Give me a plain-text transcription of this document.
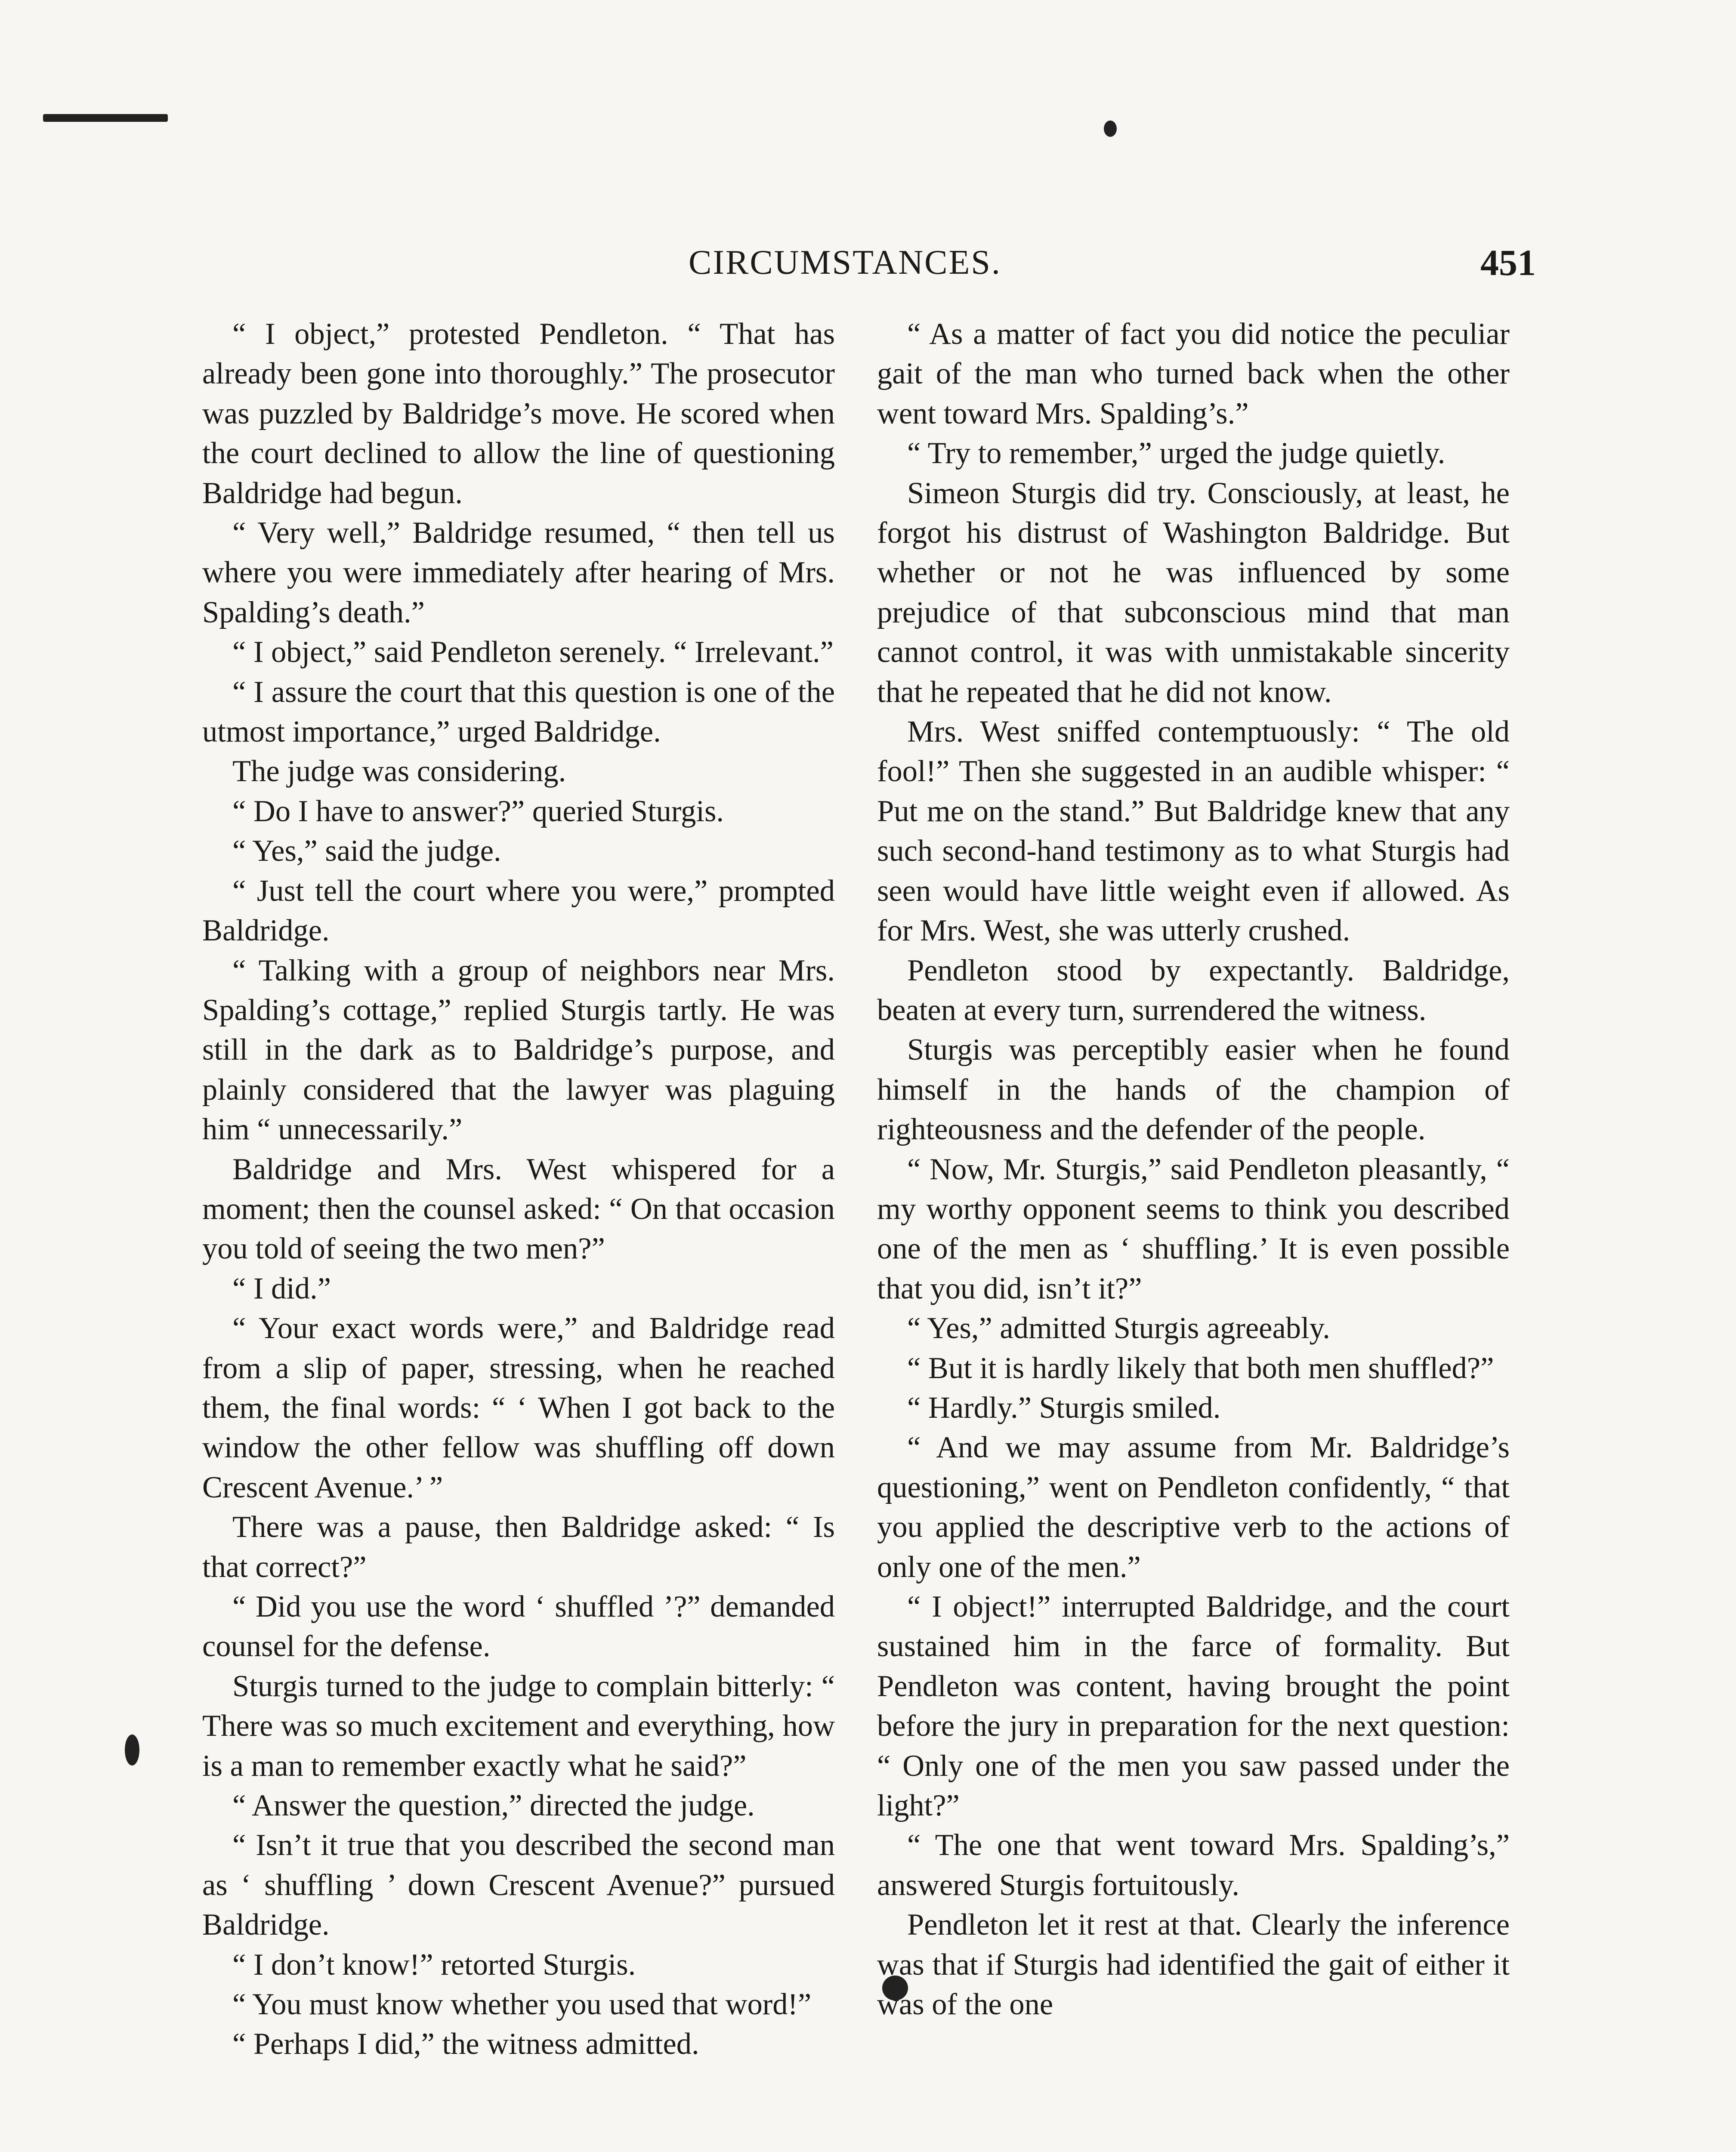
CIRCUMSTANCES.	451

“ I object,” protested Pendleton. “ That has already been gone into thoroughly.” The prosecutor was puzzled by Baldridge’s move. He scored when the court declined to allow the line of questioning Baldridge had begun.

“ Very well,” Baldridge resumed, “ then tell us where you were immediately after hearing of Mrs. Spalding’s death.”

“ I object,” said Pendleton serenely. “ Irrelevant.”

“ I assure the court that this question is one of the utmost importance,” urged Baldridge.

The judge was considering.

“ Do I have to answer?” queried Sturgis.

“ Yes,” said the judge.

“ Just tell the court where you were,” prompted Baldridge.

“ Talking with a group of neighbors near Mrs. Spalding’s cottage,” replied Sturgis tartly. He was still in the dark as to Baldridge’s purpose, and plainly considered that the lawyer was plaguing him “ unnecessarily.”

Baldridge and Mrs. West whispered for a moment; then the counsel asked: “ On that occasion you told of seeing the two men?”

“ I did.”

“ Your exact words were,” and Baldridge read from a slip of paper, stressing, when he reached them, the final words: “ ‘ When I got back to the window the other fellow was shuffling off down Crescent Avenue.’ ”

There was a pause, then Baldridge asked: “ Is that correct?”

“ Did you use the word ‘ shuffled ’?” demanded counsel for the defense.

Sturgis turned to the judge to complain bitterly: “ There was so much excitement and everything, how is a man to remember exactly what he said?”

“ Answer the question,” directed the judge.

“ Isn’t it true that you described the second man as ‘ shuffling ’ down Crescent Avenue?” pursued Baldridge.

“ I don’t know!” retorted Sturgis.

“ You must know whether you used that word!”

“ Perhaps I did,” the witness admitted.

“ As a matter of fact you did notice the peculiar gait of the man who turned back when the other went toward Mrs. Spalding’s.”

“ Try to remember,” urged the judge quietly.

Simeon Sturgis did try. Consciously, at least, he forgot his distrust of Washington Baldridge. But whether or not he was influenced by some prejudice of that subconscious mind that man cannot control, it was with unmistakable sincerity that he repeated that he did not know.

Mrs. West sniffed contemptuously: “ The old fool!” Then she suggested in an audible whisper: “ Put me on the stand.” But Baldridge knew that any such second-hand testimony as to what Sturgis had seen would have little weight even if allowed. As for Mrs. West, she was utterly crushed.

Pendleton stood by expectantly. Baldridge, beaten at every turn, surrendered the witness.

Sturgis was perceptibly easier when he found himself in the hands of the champion of righteousness and the defender of the people.

“ Now, Mr. Sturgis,” said Pendleton pleasantly, “ my worthy opponent seems to think you described one of the men as ‘ shuffling.’ It is even possible that you did, isn’t it?”

“ Yes,” admitted Sturgis agreeably.

“ But it is hardly likely that both men shuffled?”

“ Hardly.” Sturgis smiled.

“ And we may assume from Mr. Baldridge’s questioning,” went on Pendleton confidently, “ that you applied the descriptive verb to the actions of only one of the men.”

“ I object!” interrupted Baldridge, and the court sustained him in the farce of formality. But Pendleton was content, having brought the point before the jury in preparation for the next question: “ Only one of the men you saw passed under the light?”

“ The one that went toward Mrs. Spalding’s,” answered Sturgis fortuitously.

Pendleton let it rest at that. Clearly the inference was that if Sturgis had identified the gait of either it was of the one
